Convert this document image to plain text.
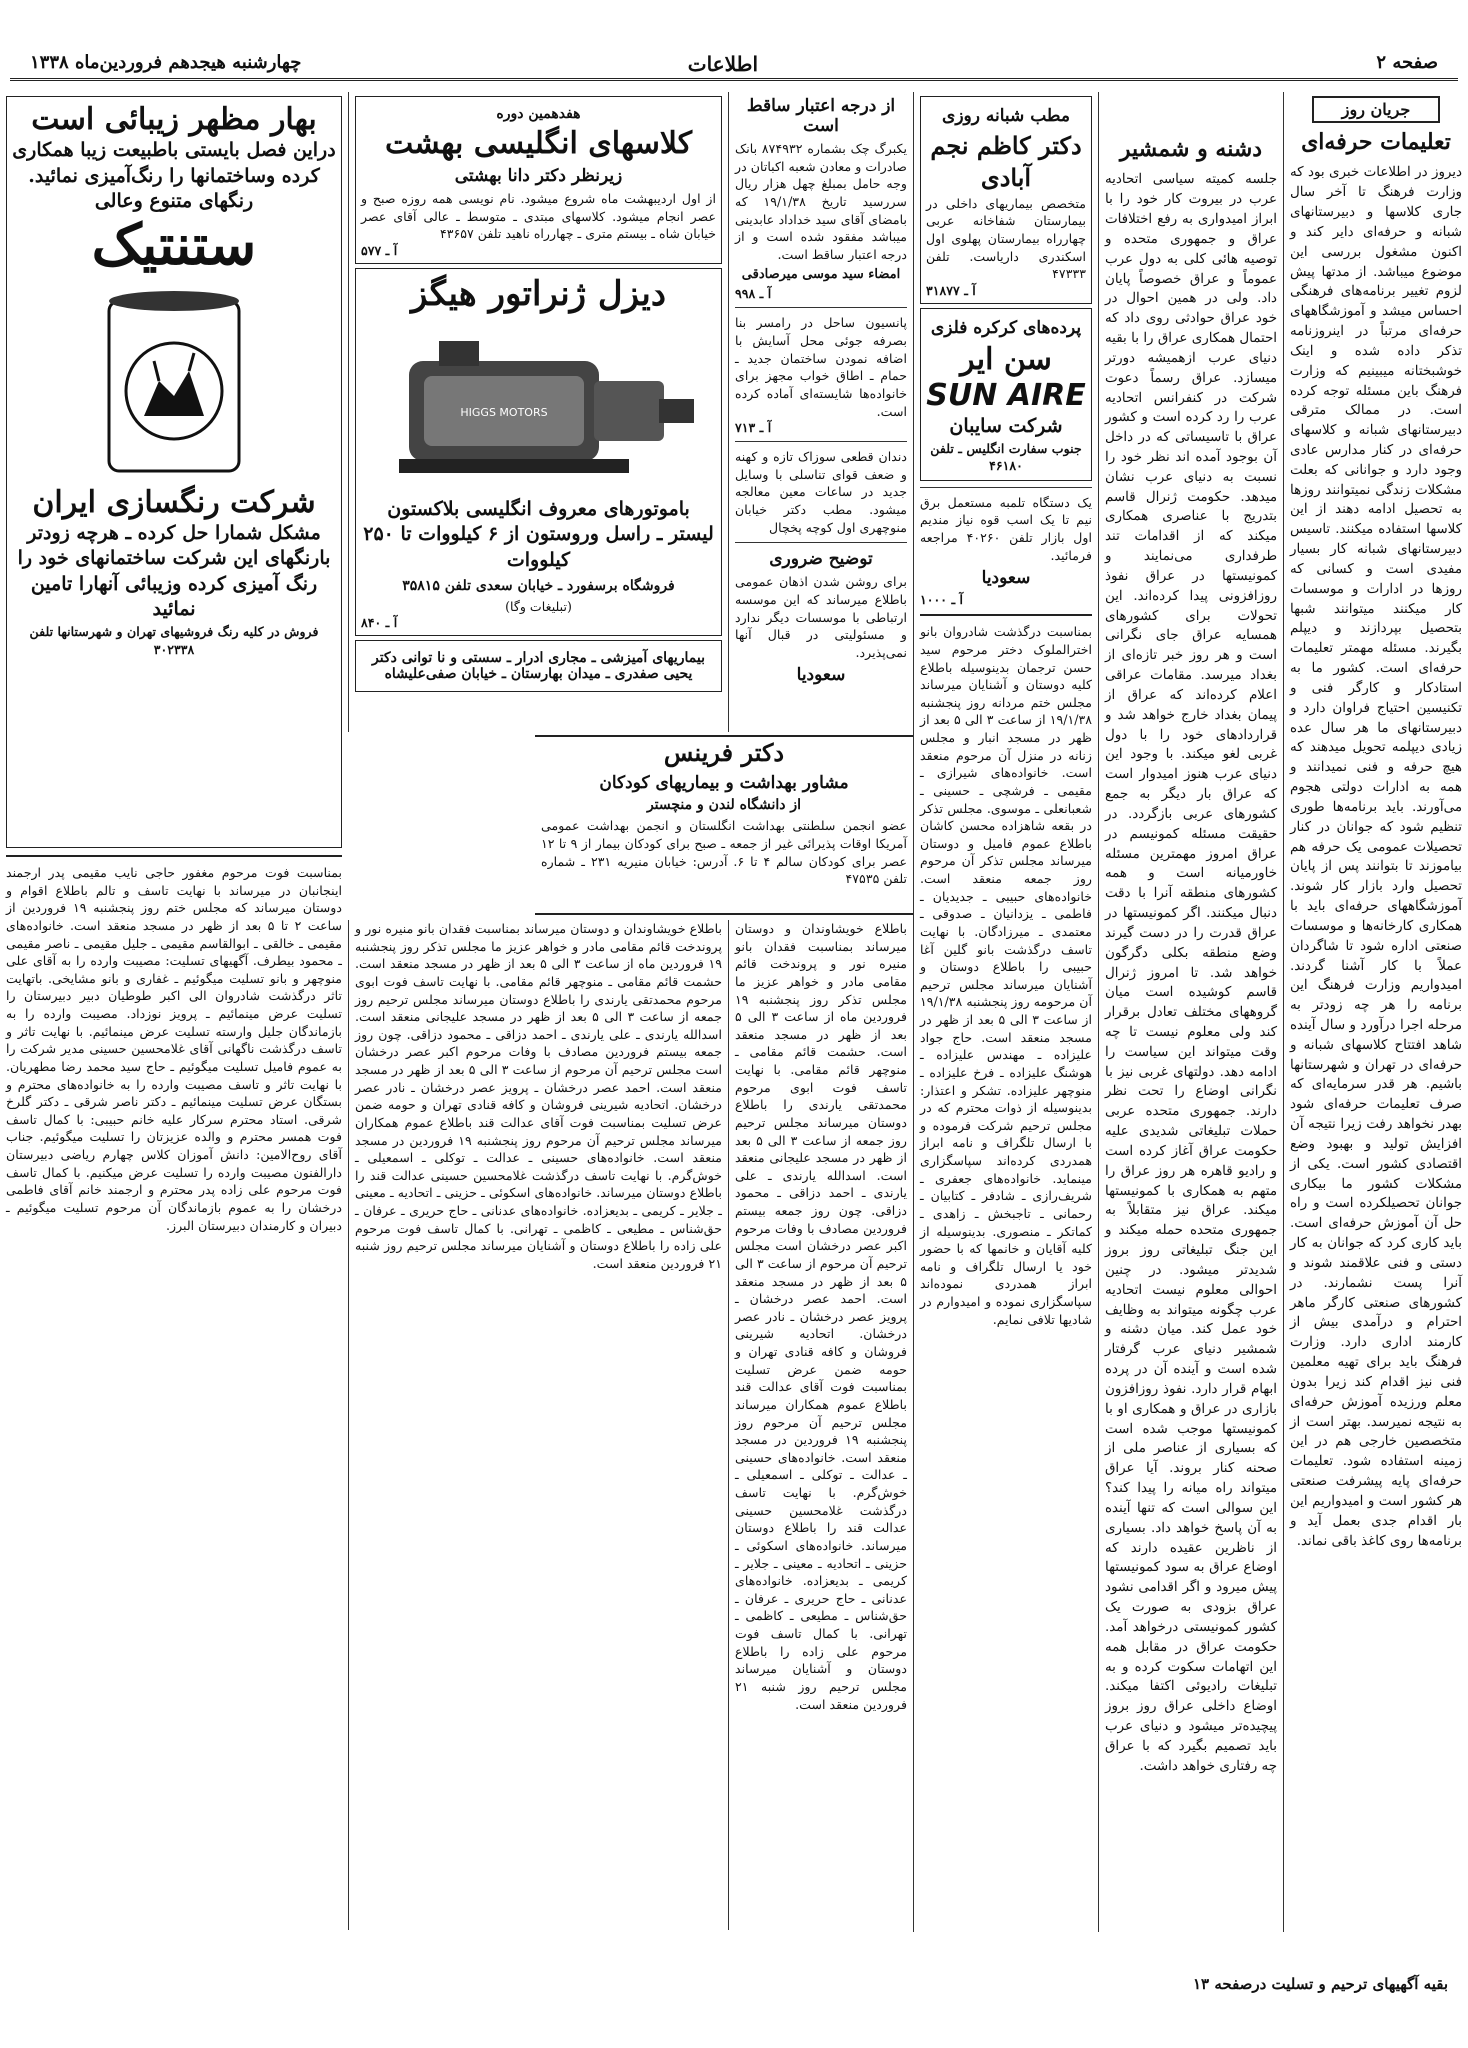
صفحه ۲
اطلاعات
چهارشنبه هیجدهم فروردین‌ماه ۱۳۳۸
جریان روز
تعلیمات حرفه‌ای

دیروز در اطلاعات خبری بود که وزارت فرهنگ تا آخر سال جاری کلاسها و دبیرستانهای شبانه و حرفه‌ای دایر کند و اکنون مشغول بررسی این موضوع میباشد. از مدتها پیش لزوم تغییر برنامه‌های فرهنگی احساس میشد و آموزشگاههای حرفه‌ای مرتباً در اینروزنامه تذکر داده شده و اینک خوشبختانه میبینیم که وزارت فرهنگ باین مسئله توجه کرده است. در ممالک مترقی دبیرستانهای شبانه و کلاسهای حرفه‌ای در کنار مدارس عادی وجود دارد و جوانانی که بعلت مشکلات زندگی نمیتوانند روزها به تحصیل ادامه دهند از این کلاسها استفاده میکنند. تاسیس دبیرستانهای شبانه کار بسیار مفیدی است و کسانی که روزها در ادارات و موسسات کار میکنند میتوانند شبها بتحصیل بپردازند و دیپلم بگیرند. مسئله مهمتر تعلیمات حرفه‌ای است. کشور ما به استادکار و کارگر فنی و تکنیسین احتیاج فراوان دارد و دبیرستانهای ما هر سال عده زیادی دیپلمه تحویل میدهند که هیچ حرفه و فنی نمیدانند و همه به ادارات دولتی هجوم می‌آورند. باید برنامه‌ها طوری تنظیم شود که جوانان در کنار تحصیلات عمومی یک حرفه هم بیاموزند تا بتوانند پس از پایان تحصیل وارد بازار کار شوند. آموزشگاههای حرفه‌ای باید با همکاری کارخانه‌ها و موسسات صنعتی اداره شود تا شاگردان عملاً با کار آشنا گردند. امیدواریم وزارت فرهنگ این برنامه را هر چه زودتر به مرحله اجرا درآورد و سال آینده شاهد افتتاح کلاسهای شبانه و حرفه‌ای در تهران و شهرستانها باشیم. هر قدر سرمایه‌ای که صرف تعلیمات حرفه‌ای شود بهدر نخواهد رفت زیرا نتیجه آن افزایش تولید و بهبود وضع اقتصادی کشور است. یکی از مشکلات کشور ما بیکاری جوانان تحصیلکرده است و راه حل آن آموزش حرفه‌ای است. باید کاری کرد که جوانان به کار دستی و فنی علاقمند شوند و آنرا پست نشمارند. در کشورهای صنعتی کارگر ماهر احترام و درآمدی بیش از کارمند اداری دارد. وزارت فرهنگ باید برای تهیه معلمین فنی نیز اقدام کند زیرا بدون معلم ورزیده آموزش حرفه‌ای به نتیجه نمیرسد. بهتر است از متخصصین خارجی هم در این زمینه استفاده شود. تعلیمات حرفه‌ای پایه پیشرفت صنعتی هر کشور است و امیدواریم این بار اقدام جدی بعمل آید و برنامه‌ها روی کاغذ باقی نماند.

دشنه و شمشیر

جلسه کمیته سیاسی اتحادیه عرب در بیروت کار خود را با ابراز امیدواری به رفع اختلافات عراق و جمهوری متحده و توصیه هائی کلی به دول عرب عموماً و عراق خصوصاً پایان داد. ولی در همین احوال در خود عراق حوادثی روی داد که احتمال همکاری عراق را با بقیه دنیای عرب ازهمیشه دورتر میسازد. عراق رسماً دعوت شرکت در کنفرانس اتحادیه عرب را رد کرده است و کشور عراق با تاسیساتی که در داخل آن بوجود آمده اند نظر خود را نسبت به دنیای عرب نشان میدهد. حکومت ژنرال قاسم بتدریج با عناصری همکاری میکند که از اقدامات تند طرفداری می‌نمایند و کمونیستها در عراق نفوذ روزافزونی پیدا کرده‌اند. این تحولات برای کشورهای همسایه عراق جای نگرانی است و هر روز خبر تازه‌ای از بغداد میرسد. مقامات عراقی اعلام کرده‌اند که عراق از پیمان بغداد خارج خواهد شد و قراردادهای خود را با دول غربی لغو میکند. با وجود این دنیای عرب هنوز امیدوار است که عراق بار دیگر به جمع کشورهای عربی بازگردد. در حقیقت مسئله کمونیسم در عراق امروز مهمترین مسئله خاورمیانه است و همه کشورهای منطقه آنرا با دقت دنبال میکنند. اگر کمونیستها در عراق قدرت را در دست گیرند وضع منطقه بکلی دگرگون خواهد شد. تا امروز ژنرال قاسم کوشیده است میان گروههای مختلف تعادل برقرار کند ولی معلوم نیست تا چه وقت میتواند این سیاست را ادامه دهد. دولتهای غربی نیز با نگرانی اوضاع را تحت نظر دارند. جمهوری متحده عربی حملات تبلیغاتی شدیدی علیه حکومت عراق آغاز کرده است و رادیو قاهره هر روز عراق را متهم به همکاری با کمونیستها میکند. عراق نیز متقابلاً به جمهوری متحده حمله میکند و این جنگ تبلیغاتی روز بروز شدیدتر میشود. در چنین احوالی معلوم نیست اتحادیه عرب چگونه میتواند به وظایف خود عمل کند. میان دشنه و شمشیر دنیای عرب گرفتار شده است و آینده آن در پرده ابهام قرار دارد. نفوذ روزافزون بازاری در عراق و همکاری او با کمونیستها موجب شده است که بسیاری از عناصر ملی از صحنه کنار بروند. آیا عراق میتواند راه میانه را پیدا کند؟ این سوالی است که تنها آینده به آن پاسخ خواهد داد. بسیاری از ناظرین عقیده دارند که اوضاع عراق به سود کمونیستها پیش میرود و اگر اقدامی نشود عراق بزودی به صورت یک کشور کمونیستی درخواهد آمد. حکومت عراق در مقابل همه این اتهامات سکوت کرده و به تبلیغات رادیوئی اکتفا میکند. اوضاع داخلی عراق روز بروز پیچیده‌تر میشود و دنیای عرب باید تصمیم بگیرد که با عراق چه رفتاری خواهد داشت.

مطب شبانه روزی
دکتر کاظم نجم آبادی

متخصص بیماریهای داخلی در بیمارستان شفاخانه عربی چهارراه بیمارستان پهلوی اول اسکندری داریاست. تلفن ۴۷۳۳۳

آ ـ ۳۱۸۷۷
پرده‌های کرکره فلزی
سن ایر
SUN AIRE
شرکت سایبان
جنوب سفارت انگلیس ـ تلفن ۴۶۱۸۰

یک دستگاه تلمبه مستعمل برق نیم تا یک اسب قوه نیاز مندیم اول بازار تلفن ۴۰۲۶۰ مراجعه فرمائید.

سعودیا
آ ـ ۱۰۰۰

بمناسبت درگذشت شادروان بانو اخترالملوک دختر مرحوم سید حسن ترجمان بدینوسیله باطلاع کلیه دوستان و آشنایان میرساند مجلس ختم مردانه روز پنجشنبه ۱۹/۱/۳۸ از ساعت ۳ الی ۵ بعد از ظهر در مسجد انبار و مجلس زنانه در منزل آن مرحوم منعقد است. خانواده‌های شیرازی ـ مقیمی ـ فرشچی ـ حسینی ـ شعبانعلی ـ موسوی. مجلس تذکر در بقعه شاهزاده محسن کاشان باطلاع عموم فامیل و دوستان میرساند مجلس تذکر آن مرحوم روز جمعه منعقد است. خانواده‌های حبیبی ـ جدیدیان ـ فاطمی ـ یزدانیان ـ صدوقی ـ معتمدی ـ میرزادگان. با نهایت تاسف درگذشت بانو گلین آغا حبیبی را باطلاع دوستان و آشنایان میرساند مجلس ترحیم آن مرحومه روز پنجشنبه ۱۹/۱/۳۸ از ساعت ۳ الی ۵ بعد از ظهر در مسجد منعقد است. حاج جواد علیزاده ـ مهندس علیزاده ـ هوشنگ علیزاده ـ فرخ علیزاده ـ منوچهر علیزاده. تشکر و اعتذار: بدینوسیله از ذوات محترم که در مجلس ترحیم شرکت فرموده و با ارسال تلگراف و نامه ابراز همدردی کرده‌اند سپاسگزاری مینماید. خانواده‌های جعفری ـ شریف‌رازی ـ شادفر ـ کتابیان ـ رحمانی ـ تاجبخش ـ زاهدی ـ کماتکر ـ منصوری. بدینوسیله از کلیه آقایان و خانمها که با حضور خود یا ارسال تلگراف و نامه ابراز همدردی نموده‌اند سپاسگزاری نموده و امیدوارم در شادیها تلافی نمایم.

از درجه اعتبار ساقط است

یکبرگ چک بشماره ۸۷۴۹۳۲ بانک صادرات و معادن شعبه اکباتان در وجه حامل بمبلغ چهل هزار ریال سررسید تاریخ ۱۹/۱/۳۸ که بامضای آقای سید خداداد عابدینی میباشد مفقود شده است و از درجه اعتبار ساقط است.

امضاء سید موسی میرصادقی
آ ـ ۹۹۸

پانسیون ساحل در رامسر بنا بصرفه جوئی محل آسایش با اضافه نمودن ساختمان جدید ـ حمام ـ اطاق خواب مجهز برای خانواده‌ها شایسته‌ای آماده کرده است.

آ ـ ۷۱۳

دندان قطعی سوزاک تازه و کهنه و ضعف قوای تناسلی با وسایل جدید در ساعات معین معالجه میشود. مطب دکتر خیابان منوچهری اول کوچه پخچال

توضیح ضروری

برای روشن شدن اذهان عمومی باطلاع میرساند که این موسسه ارتباطی با موسسات دیگر ندارد و مسئولیتی در قبال آنها نمی‌پذیرد.

سعودیا
دکتر فرینس
مشاور بهداشت و بیماریهای کودکان
از دانشگاه لندن و منچستر

عضو انجمن سلطنتی بهداشت انگلستان و انجمن بهداشت عمومی آمریکا اوقات پذیرائی غیر از جمعه ـ صبح برای کودکان بیمار از ۹ تا ۱۲ عصر برای کودکان سالم ۴ تا ۶. آدرس: خیابان منیریه ۲۳۱ ـ شماره تلفن ۴۷۵۳۵

باطلاع خویشاوندان و دوستان میرساند بمناسبت فقدان بانو منیره نور و پروندخت قائم مقامی مادر و خواهر عزیز ما مجلس تذکر روز پنجشنبه ۱۹ فروردین ماه از ساعت ۳ الی ۵ بعد از ظهر در مسجد منعقد است. حشمت قائم مقامی ـ منوچهر قائم مقامی. با نهایت تاسف فوت ابوی مرحوم محمدتقی یارندی را باطلاع دوستان میرساند مجلس ترحیم روز جمعه از ساعت ۳ الی ۵ بعد از ظهر در مسجد علیجانی منعقد است. اسدالله یارندی ـ علی یارندی ـ احمد دزاقی ـ محمود دزاقی. چون روز جمعه بیستم فروردین مصادف با وفات مرحوم اکبر عصر درخشان است مجلس ترحیم آن مرحوم از ساعت ۳ الی ۵ بعد از ظهر در مسجد منعقد است. احمد عصر درخشان ـ پرویز عصر درخشان ـ نادر عصر درخشان. اتحادیه شیرینی فروشان و کافه قنادی تهران و حومه ضمن عرض تسلیت بمناسبت فوت آقای عدالت قند باطلاع عموم همکاران میرساند مجلس ترحیم آن مرحوم روز پنجشنبه ۱۹ فروردین در مسجد منعقد است. خانواده‌های حسینی ـ عدالت ـ توکلی ـ اسمعیلی ـ خوش‌گرم. با نهایت تاسف درگذشت غلامحسین حسینی عدالت قند را باطلاع دوستان میرساند. خانواده‌های اسکوئی ـ حزینی ـ اتحادیه ـ معینی ـ جلایر ـ کریمی ـ بدیعزاده. خانواده‌های عدنانی ـ حاج حریری ـ عرفان ـ حق‌شناس ـ مطیعی ـ کاظمی ـ تهرانی. با کمال تاسف فوت مرحوم علی زاده را باطلاع دوستان و آشنایان میرساند مجلس ترحیم روز شنبه ۲۱ فروردین منعقد است.

هفدهمین دوره
کلاسهای انگلیسی بهشت
زیرنظر دکتر دانا بهشتی

از اول اردیبهشت ماه شروع میشود. نام نویسی همه روزه صبح و عصر انجام میشود. کلاسهای مبتدی ـ متوسط ـ عالی آقای عصر خیابان شاه ـ بیستم متری ـ چهارراه ناهید تلفن ۴۳۶۵۷

آ ـ ۵۷۷
دیزل ژنراتور هیگز
HIGGS MOTORS
باموتورهای معروف انگلیسی بلاکستون
لیستر ـ راسل وروستون از ۶ کیلووات تا ۲۵۰ کیلووات
فروشگاه برسفورد ـ خیابان سعدی تلفن ۳۵۸۱۵
(تبلیغات وگا)
آ ـ ۸۴۰

بیماریهای آمیزشی ـ مجاری ادرار ـ سستی و نا توانی دکتر یحیی صفدری ـ میدان بهارستان ـ خیابان صفی‌علیشاه

باطلاع خویشاوندان و دوستان میرساند بمناسبت فقدان بانو منیره نور و پروندخت قائم مقامی مادر و خواهر عزیز ما مجلس تذکر روز پنجشنبه ۱۹ فروردین ماه از ساعت ۳ الی ۵ بعد از ظهر در مسجد منعقد است. حشمت قائم مقامی ـ منوچهر قائم مقامی. با نهایت تاسف فوت ابوی مرحوم محمدتقی یارندی را باطلاع دوستان میرساند مجلس ترحیم روز جمعه از ساعت ۳ الی ۵ بعد از ظهر در مسجد علیجانی منعقد است. اسدالله یارندی ـ علی یارندی ـ احمد دزاقی ـ محمود دزاقی. چون روز جمعه بیستم فروردین مصادف با وفات مرحوم اکبر عصر درخشان است مجلس ترحیم آن مرحوم از ساعت ۳ الی ۵ بعد از ظهر در مسجد منعقد است. احمد عصر درخشان ـ پرویز عصر درخشان ـ نادر عصر درخشان. اتحادیه شیرینی فروشان و کافه قنادی تهران و حومه ضمن عرض تسلیت بمناسبت فوت آقای عدالت قند باطلاع عموم همکاران میرساند مجلس ترحیم آن مرحوم روز پنجشنبه ۱۹ فروردین در مسجد منعقد است. خانواده‌های حسینی ـ عدالت ـ توکلی ـ اسمعیلی ـ خوش‌گرم. با نهایت تاسف درگذشت غلامحسین حسینی عدالت قند را باطلاع دوستان میرساند. خانواده‌های اسکوئی ـ حزینی ـ اتحادیه ـ معینی ـ جلایر ـ کریمی ـ بدیعزاده. خانواده‌های عدنانی ـ حاج حریری ـ عرفان ـ حق‌شناس ـ مطیعی ـ کاظمی ـ تهرانی. با کمال تاسف فوت مرحوم علی زاده را باطلاع دوستان و آشنایان میرساند مجلس ترحیم روز شنبه ۲۱ فروردین منعقد است.

بهار مظهر زیبائی است
دراین فصل بایستی باطبیعت زیبا همکاری کرده وساختمانها را رنگ‌آمیزی نمائید. رنگهای متنوع وعالی
ستنتیک
شرکت رنگسازی ایران
مشکل شمارا حل کرده ـ هرچه زودتر بارنگهای این شرکت ساختمانهای خود را رنگ آمیزی کرده وزیبائی آنهارا تامین نمائید
فروش در کلیه رنگ فروشیهای تهران و شهرستانها تلفن ۳۰۲۳۳۸

بمناسبت فوت مرحوم مغفور حاجی نایب مقیمی پدر ارجمند اینجانبان در میرساند با نهایت تاسف و تالم باطلاع اقوام و دوستان میرساند که مجلس ختم روز پنجشنبه ۱۹ فروردین از ساعت ۲ تا ۵ بعد از ظهر در مسجد منعقد است. خانواده‌های مقیمی ـ خالقی ـ ابوالقاسم مقیمی ـ جلیل مقیمی ـ ناصر مقیمی ـ محمود بیطرف. آگهیهای تسلیت: مصیبت وارده را به آقای علی منوچهر و بانو تسلیت میگوئیم ـ غفاری و بانو مشایخی. باتهایت تاثر درگذشت شادروان الی اکبر طوطیان دبیر دبیرستان را تسلیت عرض مینمائیم ـ پرویز نوزداد. مصیبت وارده را به بازماندگان جلیل وارسته تسلیت عرض مینمائیم. با نهایت تاثر و تاسف درگذشت ناگهانی آقای غلامحسین حسینی مدیر شرکت را به عموم فامیل تسلیت میگوئیم ـ حاج سید محمد رضا مطهریان. با نهایت تاثر و تاسف مصیبت وارده را به خانواده‌های محترم و بستگان عرض تسلیت مینمائیم ـ دکتر ناصر شرقی ـ دکتر گلرخ شرقی. استاد محترم سرکار علیه خانم حبیبی: با کمال تاسف فوت همسر محترم و والده عزیزتان را تسلیت میگوئیم. جناب آقای روح‌الامین: دانش آموزان کلاس چهارم ریاضی دبیرستان دارالفنون مصیبت وارده را تسلیت عرض میکنیم. با کمال تاسف فوت مرحوم علی زاده پدر محترم و ارجمند خانم آقای فاطمی درخشان را به عموم بازماندگان آن مرحوم تسلیت میگوئیم ـ دبیران و کارمندان دبیرستان البرز.

بقیه آگهیهای ترحیم و تسلیت درصفحه ۱۳
